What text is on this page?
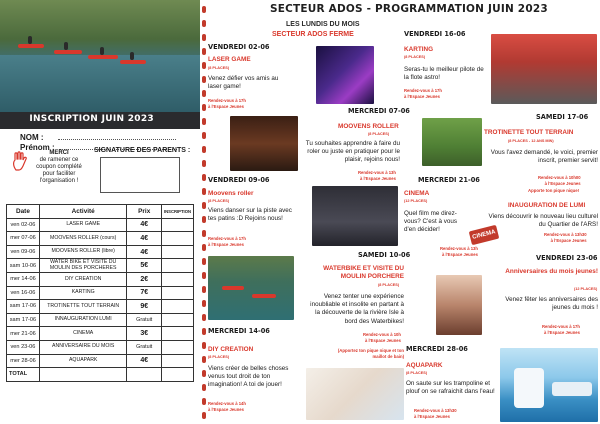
INSCRIPTION JUIN 2023
NOM :
Prénom :
MERCI
de ramener ce coupon complété pour faciliter l'organisation !
SIGNATURE DES PARENTS :
Date	Activité	Prix	INSCRIPTION
ven 02-06	LASER GAME	4€	
mer 07-06	MOOVENS ROLLER (cours)	4€	
ven 09-06	MOOVENS ROLLER (libre)	4€	
sam 10-06	WATER BIKE ET VISITE DU MOULIN DES PORCHERES	5€	
mer 14-06	DIY CREATION	2€	
ven 16-06	KARTING	7€	
sam 17-06	TROTINETTE TOUT TERRAIN	9€	
sam 17-06	INNAUGURATION LUMI	Gratuit	
mer 21-06	CINEMA	3€	
ven 23-06	ANNIVERSAIRE DU MOIS	Gratuit	
mer 28-06	AQUAPARK	4€	
TOTAL			
SECTEUR ADOS - PROGRAMMATION JUIN 2023
LES LUNDIS DU MOIS
SECTEUR ADOS FERME
VENDREDI 02-06
LASER GAME
(8 PLACES)
Venez défier vos amis au laser game!
Rendez-vous à 17h
à l'Espace Jeunes
MERCREDI 07-06
MOOVENS ROLLER
(8 PLACES)
Tu souhaites apprendre à faire du roler ou juste en pratiquer pour le plaisir, rejoins nous!
Rendez-vous à 13h
à l'Espace Jeunes
VENDREDI 09-06
Moovens roller
(8 PLACES)
Viens danser sur la piste avec tes patins :D Rejoins nous!
Rendez-vous à 17h
à l'Espace Jeunes
SAMEDI 10-06
WATERBIKE ET VISITE DU MOULIN PORCHERE
(8 PLACES)
Venez tenter une expérience inoubliable et insolite en partant à la découverte de la rivière Isle à bord des Waterbikes!
Rendez-vous à 10h
à l'Espace Jeunes
(Apportez ton pique nique et ton maillot de bain)
MERCREDI 14-06
DIY CREATION
(8 PLACES)
Viens créer de belles choses venus tout droit de ton imagination! A toi de jouer!
Rendez-vous à 14h
à l'Espace Jeunes
VENDREDI 16-06
KARTING
(8 PLACES)
Seras-tu le meilleur pilote de la flote astro!
Rendez-vous à 17h
à l'Espace Jeunes
MERCREDI 21-06
CINEMA
(12 PLACES)
Quel film me direz-vous? C'est à vous d'en décider!
Rendez-vous à 13h
à l'Espace Jeunes
CINEMA
MERCREDI 28-06
AQUAPARK
(8 PLACES)
On saute sur les trampoline et plouf on se rafraichit dans l'eau!
Rendez-vous à 13h30
à l'Espace Jeunes
SAMEDI 17-06
TROTINETTE TOUT TERRAIN
(8 PLACES - 12 ANS MIN)
Vous l'avez demandé, le voici, premier inscrit, premier servit!
Rendez-vous à 10h00
à l'Espace Jeunes
Apporte ton pique nique!
INAUGURATION DE LUMI
Viens découvrir le nouveau lieu culturel du Quartier de l'ARS!
Rendez-vous à 13h30
à l'Espace Jeunes
VENDREDI 23-06
Anniversaires du mois jeunes!
(12 PLACES)
Venez fêter les anniversaires des jeunes du mois !
Rendez-vous à 17h
à l'Espace Jeunes
